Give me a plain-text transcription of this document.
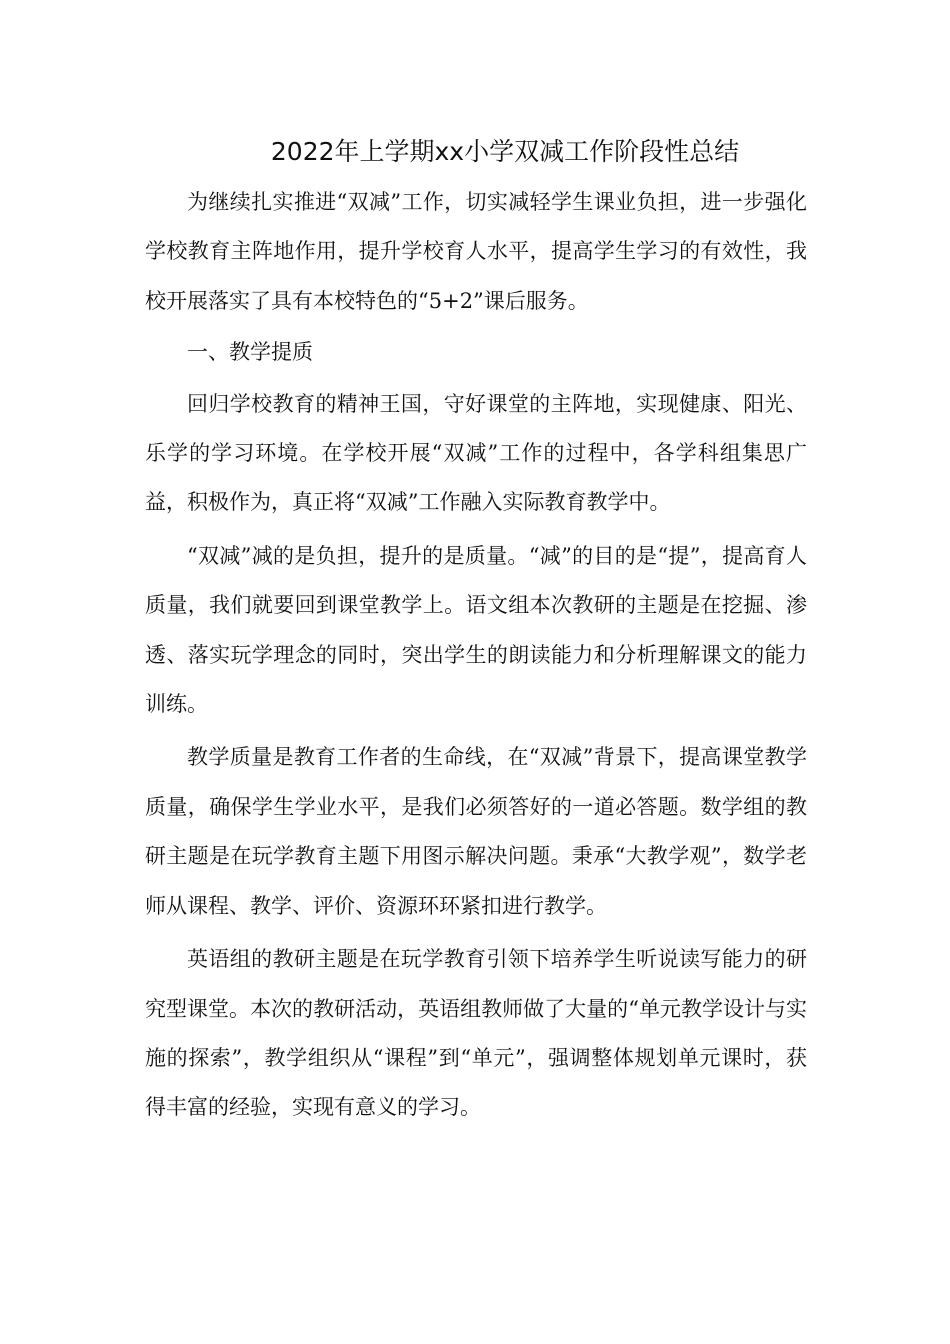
2022年上学期xx小学双减工作阶段性总结

为继续扎实推进“双减”工作，切实减轻学生课业负担，进一步强化学校教育主阵地作用，提升学校育人水平，提高学生学习的有效性，我校开展落实了具有本校特色的“5+2”课后服务。

一、教学提质

回归学校教育的精神王国，守好课堂的主阵地，实现健康、阳光、乐学的学习环境。在学校开展“双减”工作的过程中，各学科组集思广益，积极作为，真正将“双减”工作融入实际教育教学中。

“双减”减的是负担，提升的是质量。“减”的目的是“提”，提高育人质量，我们就要回到课堂教学上。语文组本次教研的主题是在挖掘、渗透、落实玩学理念的同时，突出学生的朗读能力和分析理解课文的能力训练。

教学质量是教育工作者的生命线，在“双减”背景下，提高课堂教学质量，确保学生学业水平，是我们必须答好的一道必答题。数学组的教研主题是在玩学教育主题下用图示解决问题。秉承“大教学观”，数学老师从课程、教学、评价、资源环环紧扣进行教学。

英语组的教研主题是在玩学教育引领下培养学生听说读写能力的研究型课堂。本次的教研活动，英语组教师做了大量的“单元教学设计与实施的探索”，教学组织从“课程”到“单元”，强调整体规划单元课时，获得丰富的经验，实现有意义的学习。
